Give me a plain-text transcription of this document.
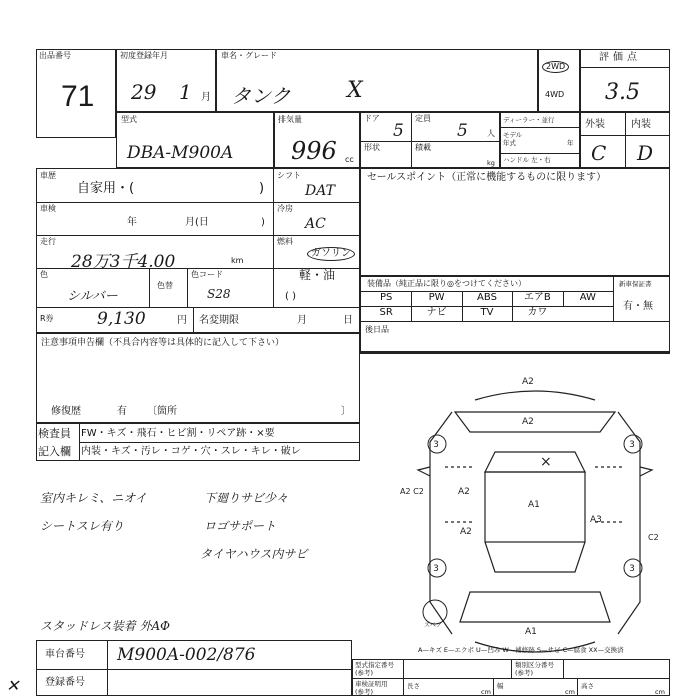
出品番号
71
初度登録年月
29 1 月
車名・グレード
タンク	X
2WD
4WD
評価点
3.5
型式
DBA-M900A
排気量
996 cc
ドア
5
定員
5 人
形状	積載
kg
ディーラー・並行
モデル年式	年
ハンドル 左・右
外装	内装
C D
車歴
自家用・(	)
シフト
DAT
車検
年	月(日	)
冷房
AC
走行
28万3千4.00	km
燃料
ガソリン
軽・油
( )
色
シルバー
色替
色コード
S28
R券	9,130	円 名変期限	月	日
セールスポイント（正常に機能するものに限ります）
装備品（純正品に限り◎をつけてください）	新車保証書
有・無
後日品
PS	PW	ABS	エアB	AW
SR	ナビ	TV	カワ
注意事項申告欄（不具合内容等は具体的に記入して下さい）
修復歴	有 〔箇所	〕
検査員 FW・キズ・飛石・ヒビ割・リペア跡・×要
記入欄 内装・キズ・汚レ・コゲ・穴・スレ・キレ・破レ
室内キレミ、ニオイ
シートスレ有り
下廻りサビ少々
ロゴサポート
タイヤハウス内サビ
スタッドレス装着 外AΦ
3	3
3	3
A2
A2
×
A1
A2
A2
A3
A2 C2
C2
A1
スペア
A—キズ E—エクボ U—凹み W—補修跡 S—サビ C—腐食 XX—交換済
車台番号 M900A-002/876
登録番号
型式指定番号
(参考)
類別区分番号
(参考)
車検証明用
(参考)
長さ
cm
幅
cm
高さ
cm
✕
